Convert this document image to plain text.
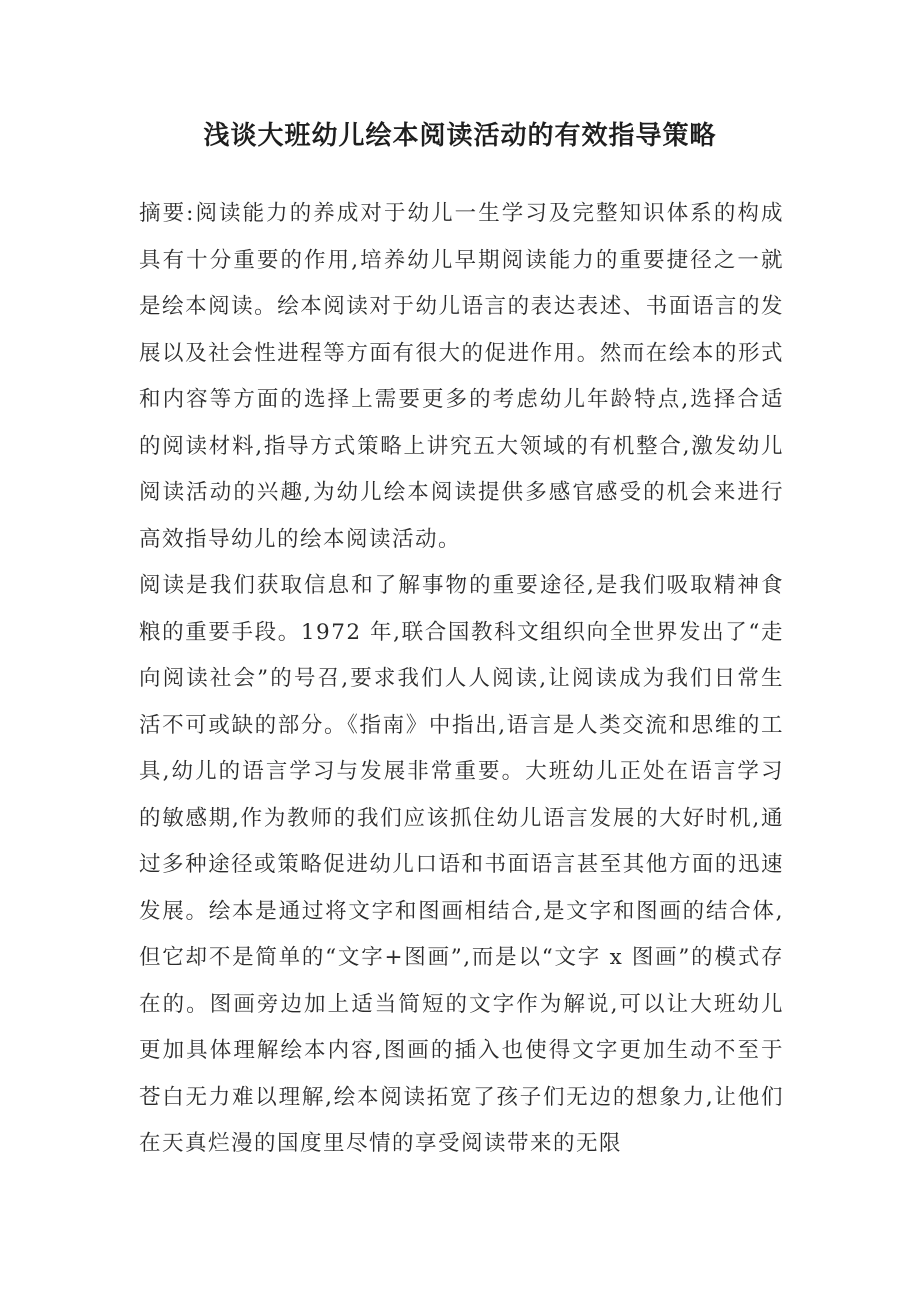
浅谈大班幼儿绘本阅读活动的有效指导策略

摘要:阅读能力的养成对于幼儿一生学习及完整知识体系的构成具有十分重要的作用,培养幼儿早期阅读能力的重要捷径之一就是绘本阅读。绘本阅读对于幼儿语言的表达表述、书面语言的发展以及社会性进程等方面有很大的促进作用。然而在绘本的形式和内容等方面的选择上需要更多的考虑幼儿年龄特点,选择合适的阅读材料,指导方式策略上讲究五大领域的有机整合,激发幼儿阅读活动的兴趣,为幼儿绘本阅读提供多感官感受的机会来进行高效指导幼儿的绘本阅读活动。

阅读是我们获取信息和了解事物的重要途径,是我们吸取精神食粮的重要手段。1972 年,联合国教科文组织向全世界发出了“走向阅读社会”的号召,要求我们人人阅读,让阅读成为我们日常生活不可或缺的部分。《指南》中指出,语言是人类交流和思维的工具,幼儿的语言学习与发展非常重要。大班幼儿正处在语言学习的敏感期,作为教师的我们应该抓住幼儿语言发展的大好时机,通过多种途径或策略促进幼儿口语和书面语言甚至其他方面的迅速发展。绘本是通过将文字和图画相结合,是文字和图画的结合体,但它却不是简单的“文字+图画”,而是以“文字 x 图画”的模式存在的。图画旁边加上适当简短的文字作为解说,可以让大班幼儿更加具体理解绘本内容,图画的插入也使得文字更加生动不至于苍白无力难以理解,绘本阅读拓宽了孩子们无边的想象力,让他们在天真烂漫的国度里尽情的享受阅读带来的无限
